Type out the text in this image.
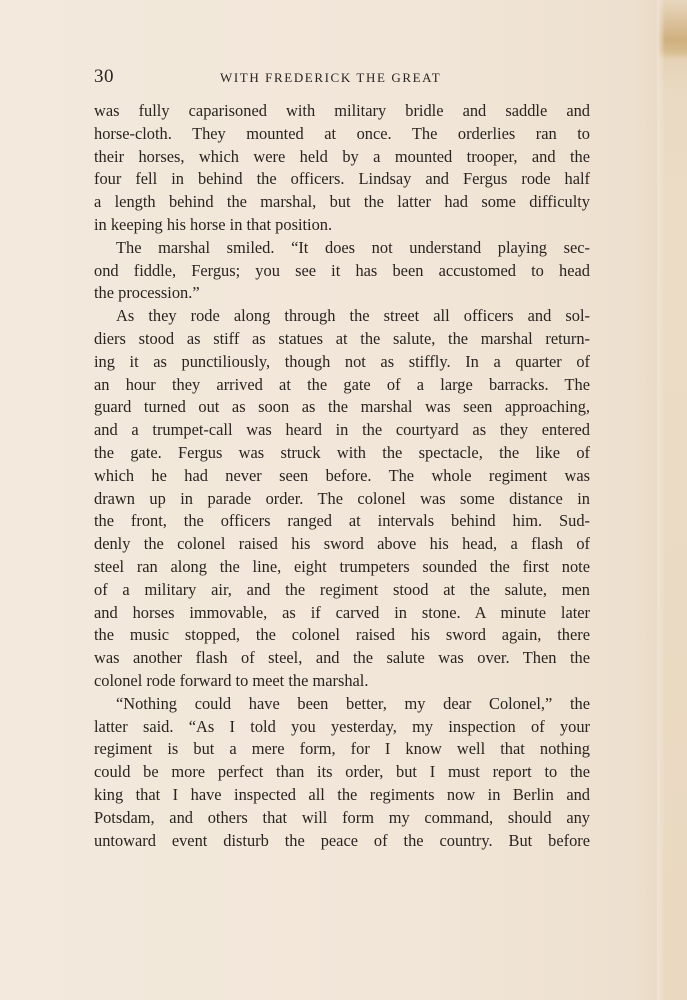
30	WITH FREDERICK THE GREAT
was fully caparisoned with military bridle and saddle and
horse-cloth. They mounted at once. The orderlies ran to
their horses, which were held by a mounted trooper, and the
four fell in behind the officers. Lindsay and Fergus rode half
a length behind the marshal, but the latter had some difficulty
in keeping his horse in that position.
The marshal smiled. “It does not understand playing sec-
ond fiddle, Fergus; you see it has been accustomed to head
the procession.”
As they rode along through the street all officers and sol-
diers stood as stiff as statues at the salute, the marshal return-
ing it as punctiliously, though not as stiffly. In a quarter of
an hour they arrived at the gate of a large barracks. The
guard turned out as soon as the marshal was seen approaching,
and a trumpet-call was heard in the courtyard as they entered
the gate. Fergus was struck with the spectacle, the like of
which he had never seen before. The whole regiment was
drawn up in parade order. The colonel was some distance in
the front, the officers ranged at intervals behind him. Sud-
denly the colonel raised his sword above his head, a flash of
steel ran along the line, eight trumpeters sounded the first note
of a military air, and the regiment stood at the salute, men
and horses immovable, as if carved in stone. A minute later
the music stopped, the colonel raised his sword again, there
was another flash of steel, and the salute was over. Then the
colonel rode forward to meet the marshal.
“Nothing could have been better, my dear Colonel,” the
latter said. “As I told you yesterday, my inspection of your
regiment is but a mere form, for I know well that nothing
could be more perfect than its order, but I must report to the
king that I have inspected all the regiments now in Berlin and
Potsdam, and others that will form my command, should any
untoward event disturb the peace of the country. But before
